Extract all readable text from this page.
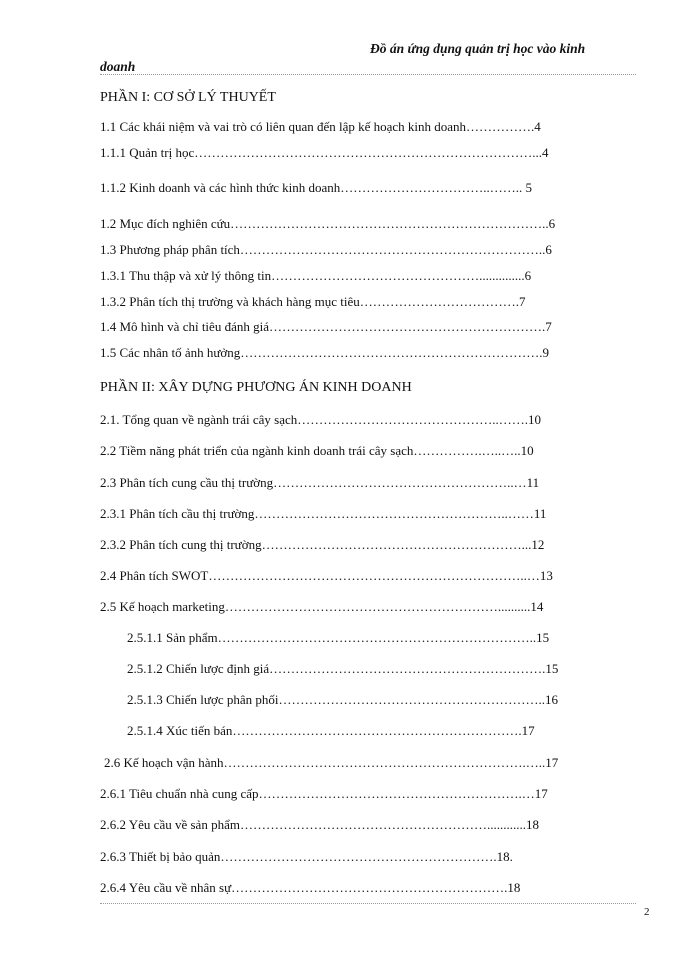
Đồ án ứng dụng quản trị học vào kinh
doanh
PHẦN I: CƠ SỞ LÝ THUYẾT
1.1 Các khái niệm và vai trò có liên quan đến lập kế hoạch kinh doanh…………….4
1.1.1 Quản trị học……………………………………………………………………...4
1.1.2 Kinh doanh và các hình thức kinh doanh……………………………..…….. 5
1.2 Mục đích nghiên cứu………………………………………………………………..6
1.3 Phương pháp phân tích……………………………………………………………..6
1.3.1 Thu thập và xử lý thông tin…………………………………………..............6
1.3.2 Phân tích thị trường và khách hàng mục tiêu……………………………….7
1.4 Mô hình và chỉ tiêu đánh giá……………………………………………………….7
1.5 Các nhân tố ảnh hưởng…………………………………………………………….9
PHẦN II: XÂY DỰNG PHƯƠNG ÁN KINH DOANH
2.1. Tổng quan về ngành trái cây sạch………………………………………..…….10
2.2 Tiềm năng phát triển của ngành kinh doanh trái cây sạch…………….…..…..10
2.3 Phân tích cung cầu thị trường………………………………………………..…11
2.3.1 Phân tích cầu thị trường…………………………………………………..……11
2.3.2 Phân tích cung thị trường……………………………………………………...12
2.4 Phân tích SWOT………………………………………………………………..…13
2.5 Kế hoạch marketing………………………………………………………..........14
2.5.1.1 Sản phẩm………………………………………………………………..15
2.5.1.2 Chiến lược định giá……………………………………………………….15
2.5.1.3 Chiến lược phân phối……………………………………………………..16
2.5.1.4 Xúc tiến bán………………………………………………………….17
2.6 Kế hoạch vận hành…………………………………………………………….…..17
2.6.1 Tiêu chuẩn nhà cung cấp…………………………………………………….…17
2.6.2 Yêu cầu về sản phẩm…………………………………………………............18
2.6.3 Thiết bị bảo quản……………………………………………………….18.
2.6.4 Yêu cầu về nhân sự……………………………………………………….18
2
